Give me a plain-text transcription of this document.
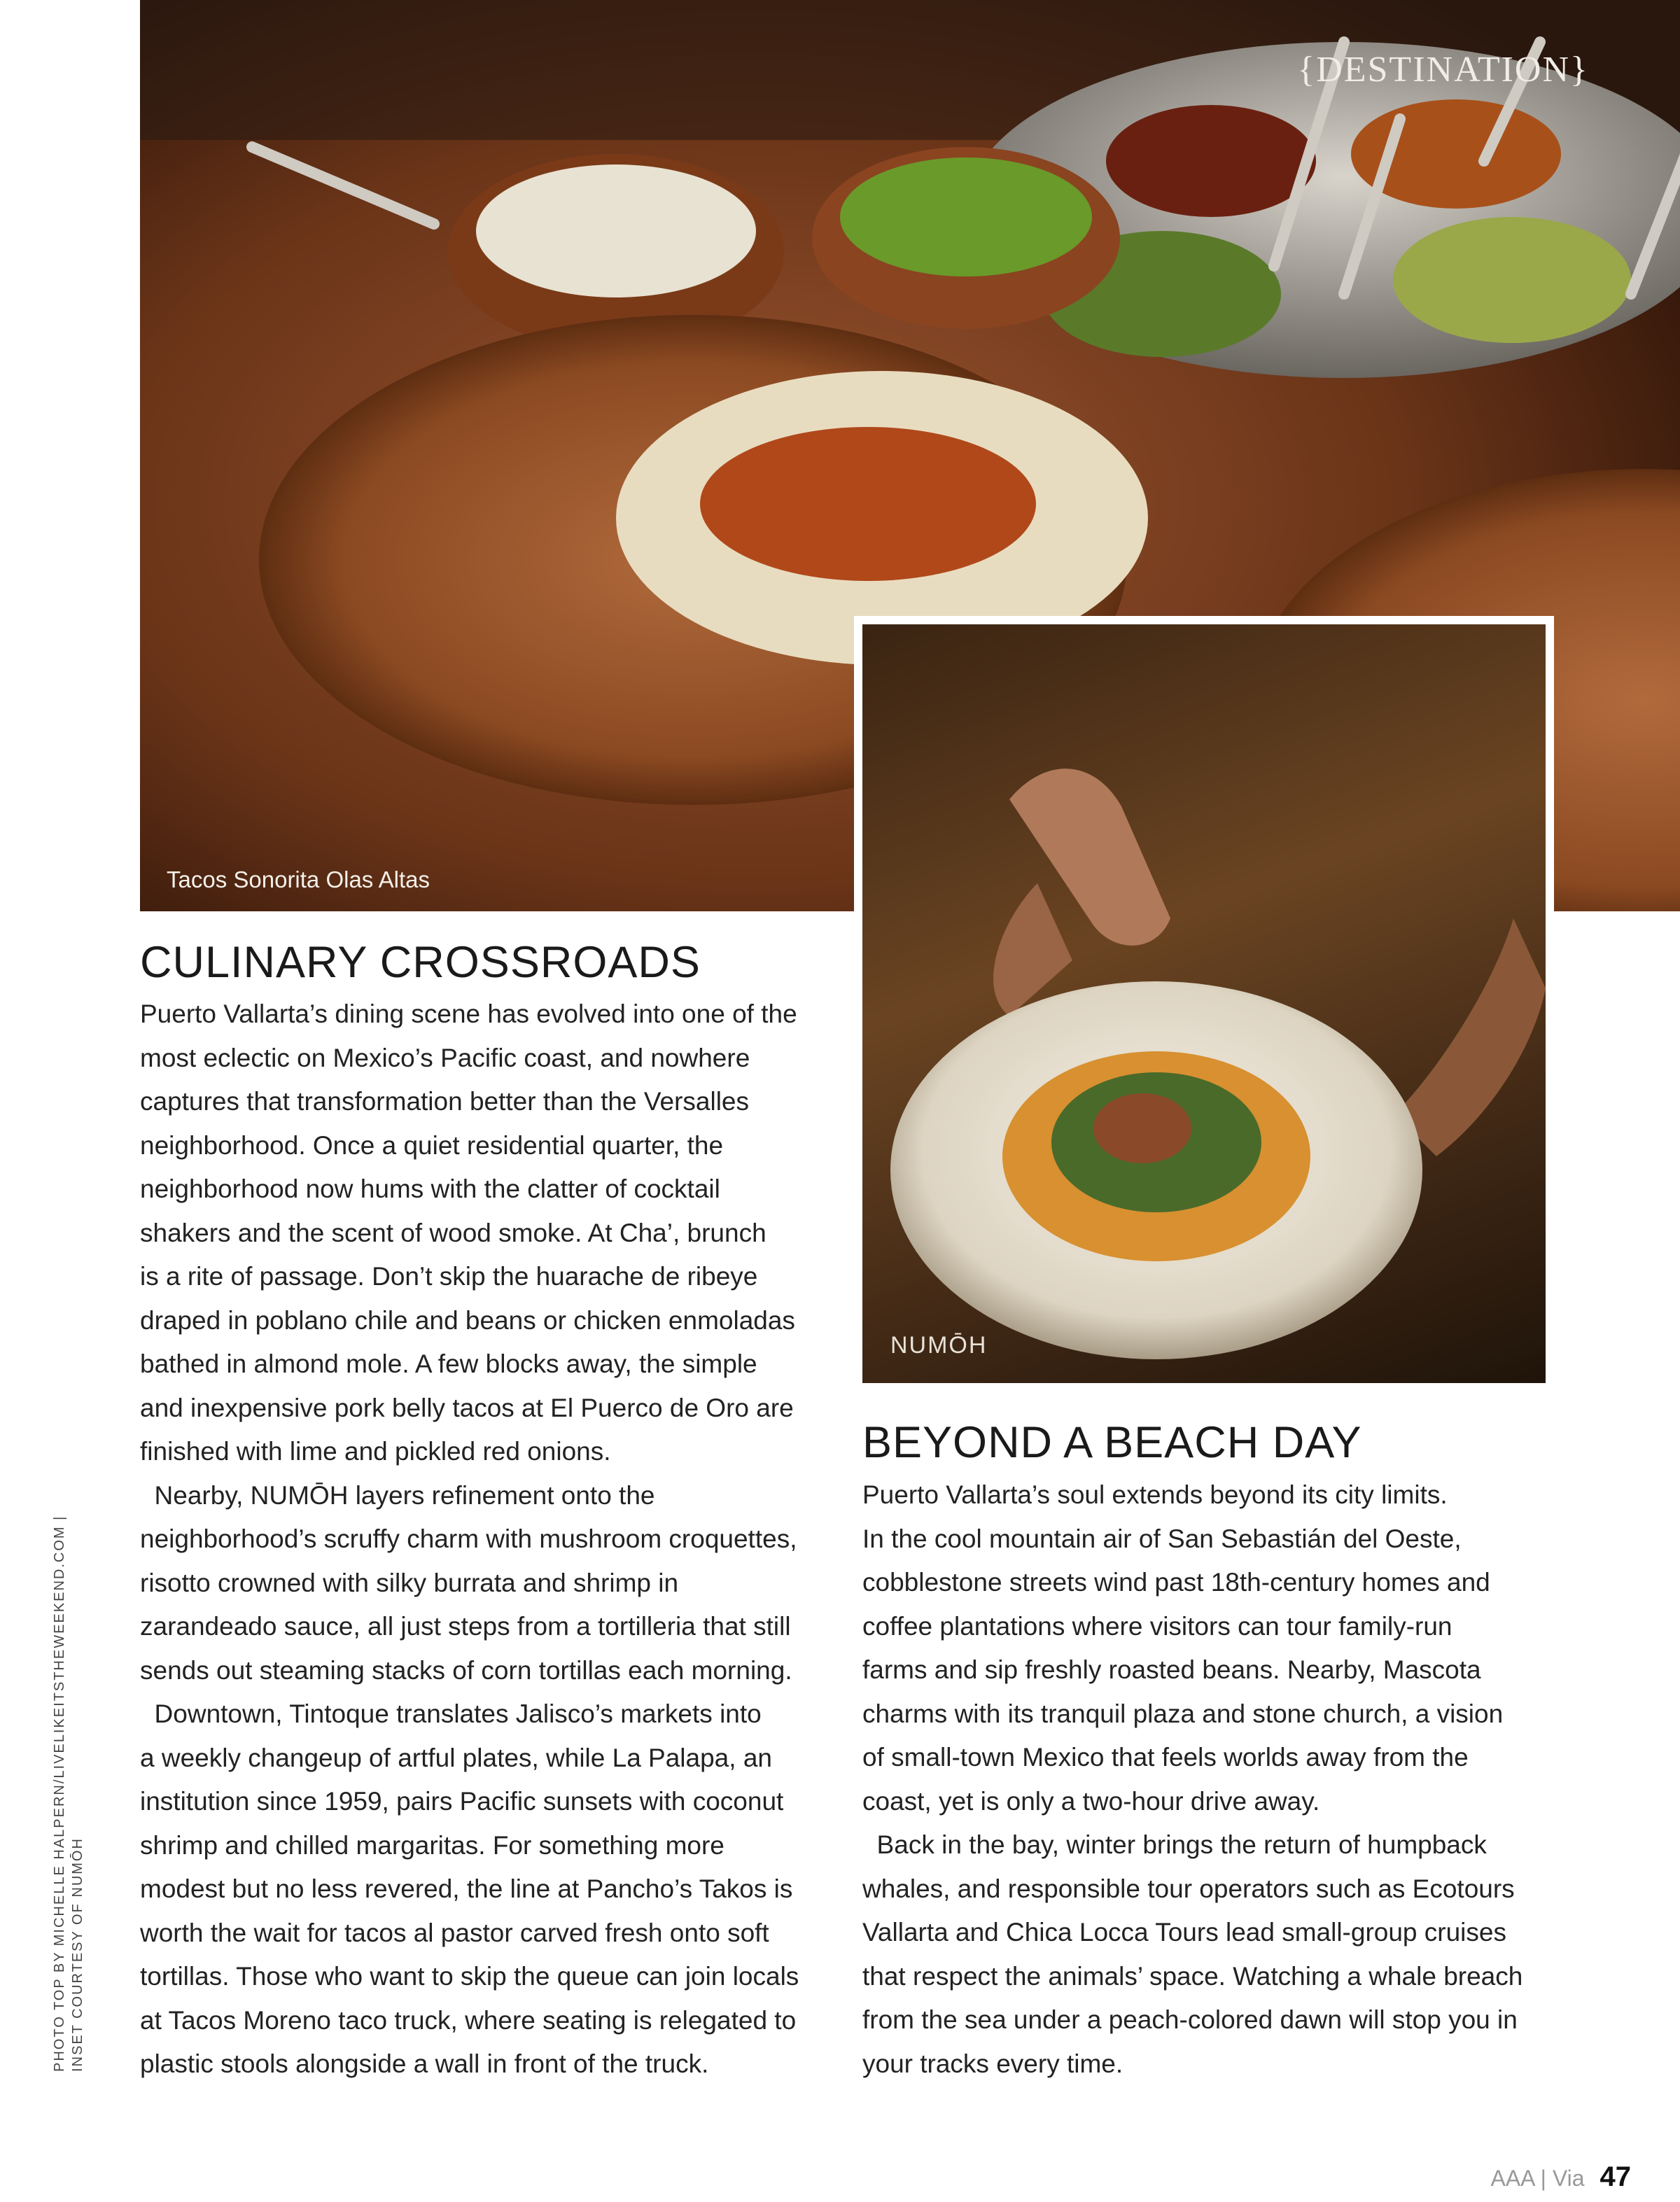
{DESTINATION}
Tacos Sonorita Olas Altas
NUMŌH
CULINARY CROSSROADS

Puerto Vallarta’s dining scene has evolved into one of the

most eclectic on Mexico’s Pacific coast, and nowhere

captures that transformation better than the Versalles

neighborhood. Once a quiet residential quarter, the

neighborhood now hums with the clatter of cocktail

shakers and the scent of wood smoke. At Cha’, brunch

is a rite of passage. Don’t skip the huarache de ribeye

draped in poblano chile and beans or chicken enmoladas

bathed in almond mole. A few blocks away, the simple

and inexpensive pork belly tacos at El Puerco de Oro are

finished with lime and pickled red onions.

Nearby, NUMŌH layers refinement onto the

neighborhood’s scruffy charm with mushroom croquettes,

risotto crowned with silky burrata and shrimp in

zarandeado sauce, all just steps from a tortilleria that still

sends out steaming stacks of corn tortillas each morning.

Downtown, Tintoque translates Jalisco’s markets into

a weekly changeup of artful plates, while La Palapa, an

institution since 1959, pairs Pacific sunsets with coconut

shrimp and chilled margaritas. For something more

modest but no less revered, the line at Pancho’s Takos is

worth the wait for tacos al pastor carved fresh onto soft

tortillas. Those who want to skip the queue can join locals

at Tacos Moreno taco truck, where seating is relegated to

plastic stools alongside a wall in front of the truck.

BEYOND A BEACH DAY

Puerto Vallarta’s soul extends beyond its city limits.

In the cool mountain air of San Sebastián del Oeste,

cobblestone streets wind past 18th-century homes and

coffee plantations where visitors can tour family-run

farms and sip freshly roasted beans. Nearby, Mascota

charms with its tranquil plaza and stone church, a vision

of small-town Mexico that feels worlds away from the

coast, yet is only a two-hour drive away.

Back in the bay, winter brings the return of humpback

whales, and responsible tour operators such as Ecotours

Vallarta and Chica Locca Tours lead small-group cruises

that respect the animals’ space. Watching a whale breach

from the sea under a peach-colored dawn will stop you in

your tracks every time.

PHOTO TOP BY MICHELLE HALPERN/LIVELIKEITSTHEWEEKEND.COM | INSET COURTESY OF NUMŌH
AAA | Via 47
